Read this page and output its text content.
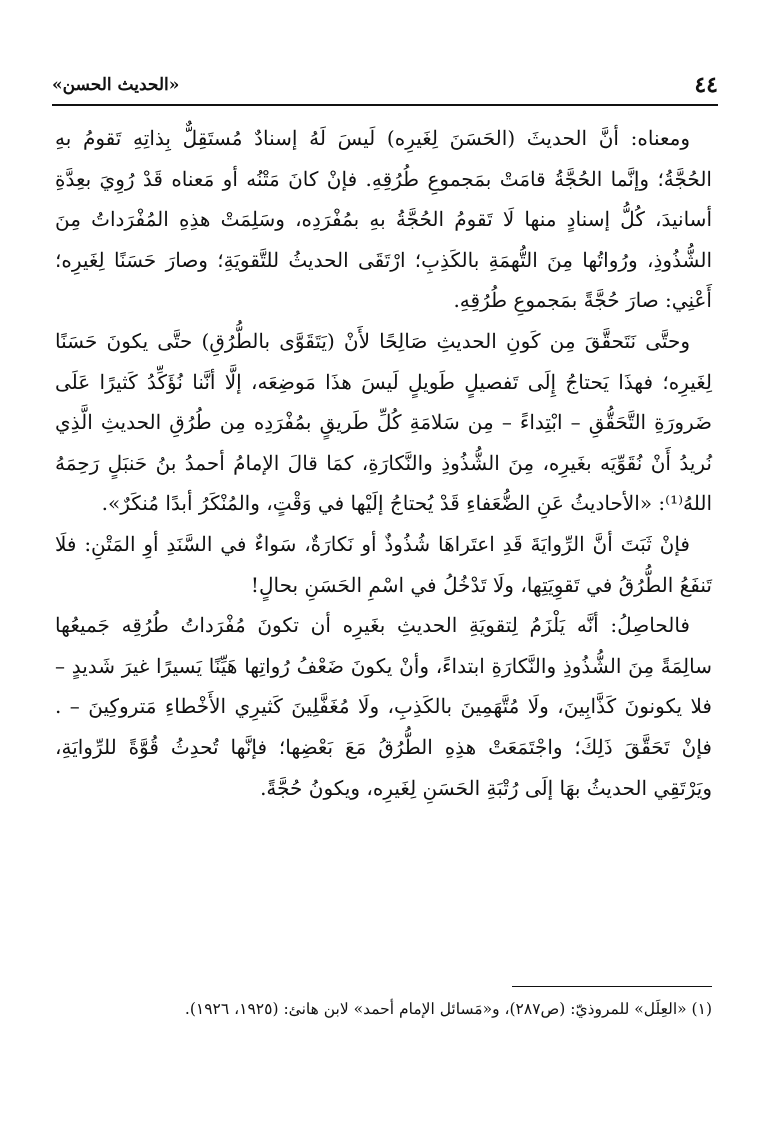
٤٤
«الحديث الحسن»

ومعناه: أنَّ الحديثَ (الحَسَنَ لِغَيرِه) لَيسَ لَهُ إسنادٌ مُستَقِلٌّ بِذاتِهِ تَقومُ بهِ الحُجَّةُ؛ وإنَّما الحُجَّةُ قامَتْ بمَجموعِ طُرُقِهِ. فإنْ كانَ مَتْنُه أو مَعناه قَدْ رُوِيَ بعِدَّةِ أسانيدَ، كُلُّ إسنادٍ منها لَا تَقومُ الحُجَّةُ بهِ بمُفْرَدِه، وسَلِمَتْ هذِهِ المُفْرَداتُ مِنَ الشُّذُوذِ، ورُواتُها مِنَ التُّهمَةِ بالكَذِبِ؛ ارْتَقَى الحديثُ للتَّقويَةِ؛ وصارَ حَسَنًا لِغَيرِه؛ أَعْنِي: صارَ حُجَّةً بمَجموعِ طُرُقِهِ.

وحتَّى نَتَحقَّقَ مِن كَونِ الحديثِ صَالِحًا لأَنْ (يَتَقَوَّى بالطُّرُقِ) حتَّى يكونَ حَسَنًا لِغَيرِه؛ فهذَا يَحتاجُ إِلَى تَفصيلٍ طَويلٍ لَيسَ هذَا مَوضِعَه، إلَّا أنَّنا نُؤَكِّدُ كَثيرًا عَلَى ضَرورَةِ التَّحَقُّقِ – ابْتِداءً – مِن سَلامَةِ كُلِّ طَريقٍ بمُفْرَدِه مِن طُرُقِ الحديثِ الَّذِي نُريدُ أَنْ نُقَوِّيَه بغَيرِه، مِنَ الشُّذُوذِ والنَّكارَةِ، كمَا قالَ الإمامُ أحمدُ بنُ حَنبَلٍ رَحِمَهُ اللهُ⁽¹⁾: «الأحاديثُ عَنِ الضُّعَفاءِ قَدْ يُحتاجُ إلَيْها في وَقْتٍ، والمُنْكَرُ أبدًا مُنكَرٌ».

فإنْ ثَبَتَ أنَّ الرِّوايَةَ قَدِ اعتَراهَا شُذُوذٌ أو نَكارَةٌ، سَواءٌ في السَّنَدِ أوِ المَتْنِ: فلَا تَنفَعُ الطُّرُقُ في تَقوِيَتِها، ولَا تَدْخُلُ في اسْمِ الحَسَنِ بحالٍ!

فالحاصِلُ: أنَّه يَلْزَمُ لِتقويَةِ الحديثِ بغَيرِه أن تكونَ مُفْرَداتُ طُرُقِه جَميعُها سالِمَةً مِنَ الشُّذُوذِ والنَّكارَةِ ابتداءً، وأنْ يكونَ ضَعْفُ رُواتِها هَيِّنًا يَسيرًا غيرَ شَديدٍ – فلا يكونونَ كَذَّابِينَ، ولَا مُتَّهَمِينَ بالكَذِبِ، ولَا مُغَفَّلِينَ كَثيرِي الأَخْطاءِ مَتروكِينَ – . فإنْ تَحَقَّقَ ذَلِكَ؛ واجْتَمَعَتْ هذِهِ الطُّرُقُ مَعَ بَعْضِها؛ فإنَّها تُحدِثُ قُوَّةً للرِّوايَةِ، ويَرْتَقِي الحديثُ بهَا إلَى رُتْبَةِ الحَسَنِ لِغَيرِه، ويكونُ حُجَّةً.

(١) «العِلَل» للمروذيّ: (ص٢٨٧)، و«مَسائل الإمام أحمد» لابن هانئ: (١٩٢٥، ١٩٢٦).
